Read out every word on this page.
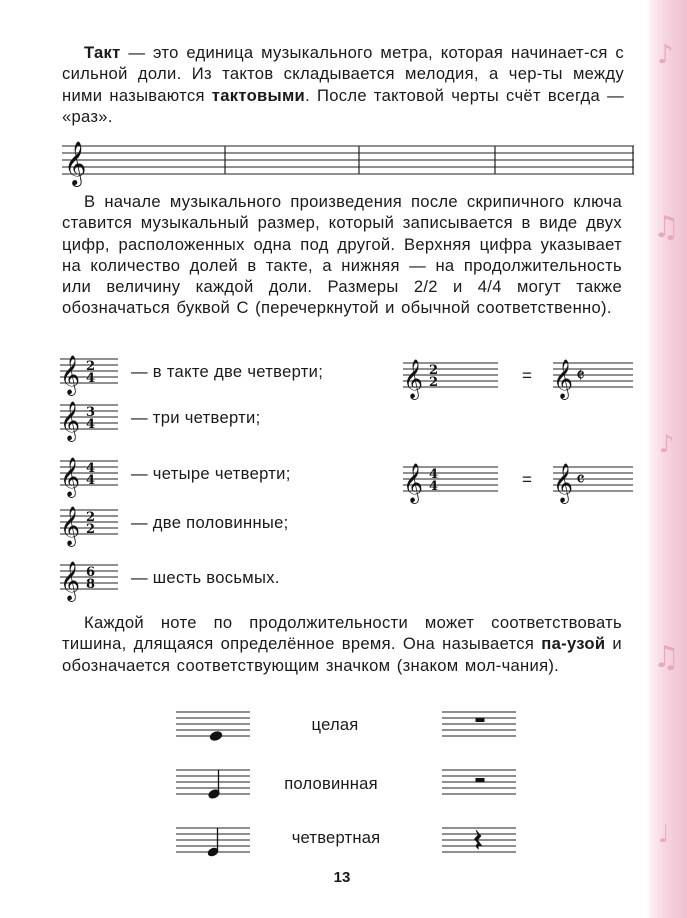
♪
♫
♪
♫
♩

Такт — это единица музыкального метра, которая начинает-ся с сильной доли. Из тактов складывается мелодия, а чер-ты между ними называются тактовыми. После тактовой черты счёт всегда — «раз».

𝄞

В начале музыкального произведения после скрипичного ключа ставится музыкальный размер, который записывается в виде двух цифр, расположенных одна под другой. Верхняя цифра указывает на количество долей в такте, а нижняя — на продолжительность или величину каждой доли. Размеры 2/2 и 4/4 могут также обозначаться буквой С (перечеркнутой и обычной соответственно).

𝄞 2
4 — в такте две четверти;
𝄞 3
4 — три четверти;
𝄞 4
4 — четыре четверти;
𝄞 2
2 — две половинные;
𝄞 6
8 — шесть восьмых.
𝄞 2
2	= 𝄞 𝄵
𝄞 4
4	= 𝄞 𝄴

Каждой ноте по продолжительности может соответствовать тишина, длящаяся определённое время. Она называется па-узой и обозначается соответствующим значком (знаком мол-чания).

целая
половинная
четвертная
13
